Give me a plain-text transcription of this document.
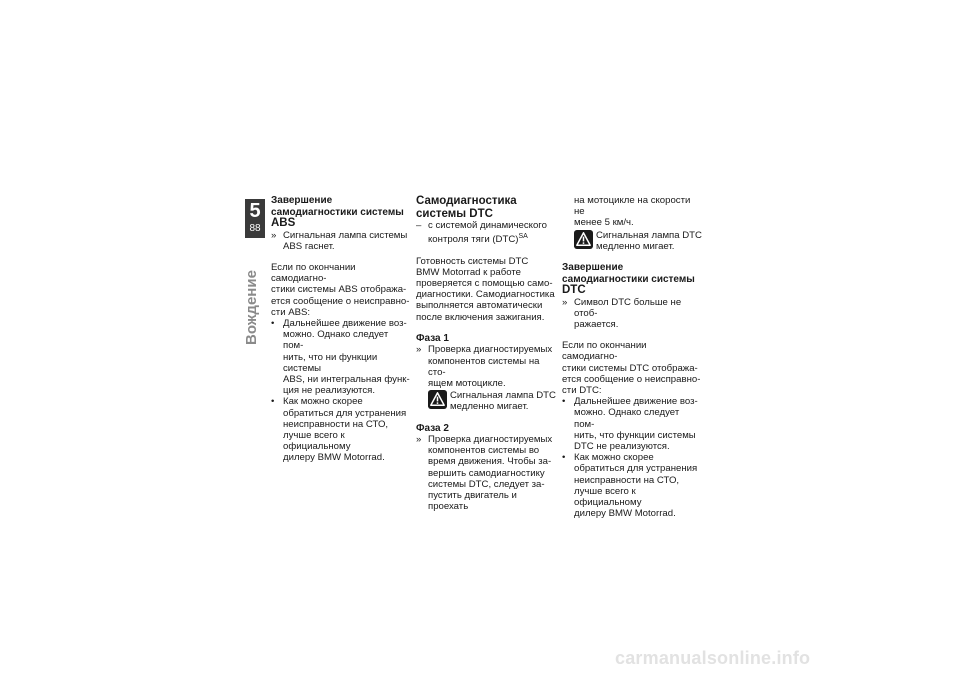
5
88
Вождение
Завершение
самодиагностики системы
ABS
» Сигнальная лампа системы
ABS гаснет.
Если по окончании самодиагно-
стики системы ABS отобража-
ется сообщение о неисправно-
сти ABS:
• Дальнейшее движение воз-
можно. Однако следует пом-
нить, что ни функции системы
ABS, ни интегральная функ-
ция не реализуются.
• Как можно скорее
обратиться для устранения
неисправности на СТО,
лучше всего к официальному
дилеру BMW Motorrad.
Самодиагностика
системы DTC
– с системой динамического
контроля тяги (DTC)$^{SA}$
Готовность системы DTC
BMW Motorrad к работе
проверяется с помощью само-
диагностики. Самодиагностика
выполняется автоматически
после включения зажигания.
Фаза 1
» Проверка диагностируемых
компонентов системы на сто-
ящем мотоцикле.
Сигнальная лампа DTC
медленно мигает.
Фаза 2
» Проверка диагностируемых
компонентов системы во
время движения. Чтобы за-
вершить самодиагностику
системы DTC, следует за-
пустить двигатель и проехать
на мотоцикле на скорости не
менее 5 км/ч.
Сигнальная лампа DTC
медленно мигает.
Завершение
самодиагностики системы
DTC
» Символ DTC больше не отоб-
ражается.
Если по окончании самодиагно-
стики системы DTC отобража-
ется сообщение о неисправно-
сти DTC:
• Дальнейшее движение воз-
можно. Однако следует пом-
нить, что функции системы
DTC не реализуются.
• Как можно скорее
обратиться для устранения
неисправности на СТО,
лучше всего к официальному
дилеру BMW Motorrad.
carmanualsonline.info
